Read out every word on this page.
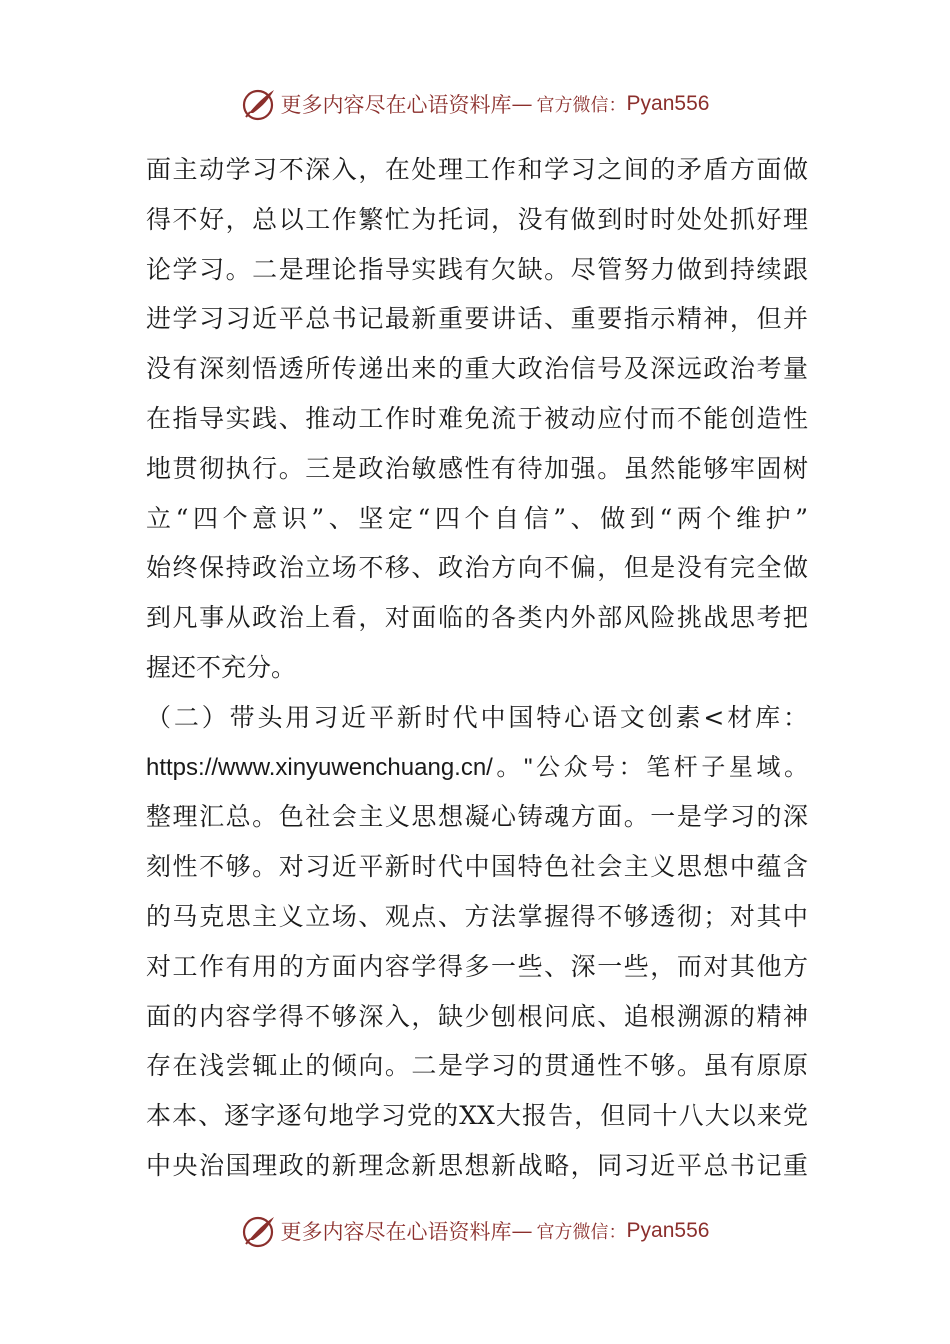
更多内容尽在心语资料库 — 官方微信： Pyan556
面主动学习不深入，在处理工作和学习之间的矛盾方面做
得不好，总以工作繁忙为托词，没有做到时时处处抓好理
论学习。二是理论指导实践有欠缺。尽管努力做到持续跟
进学习习近平总书记最新重要讲话、重要指示精神，但并
没有深刻悟透所传递出来的重大政治信号及深远政治考量
在指导实践、推动工作时难免流于被动应付而不能创造性
地贯彻执行。三是政治敏感性有待加强。虽然能够牢固树
立“四个意识”、坚定“四个自信”、做到“两个维护”
始终保持政治立场不移、政治方向不偏，但是没有完全做
到凡事从政治上看，对面临的各类内外部风险挑战思考把
握还不充分。
（二）带头用习近平新时代中国特心语文创素<材库：
https://www.xinyuwenchuang.cn/。"公众号：笔杆子星域。
整理汇总。色社会主义思想凝心铸魂方面。一是学习的深
刻性不够。对习近平新时代中国特色社会主义思想中蕴含
的马克思主义立场、观点、方法掌握得不够透彻；对其中
对工作有用的方面内容学得多一些、深一些，而对其他方
面的内容学得不够深入，缺少刨根问底、追根溯源的精神
存在浅尝辄止的倾向。二是学习的贯通性不够。虽有原原
本本、逐字逐句地学习党的XX大报告，但同十八大以来党
中央治国理政的新理念新思想新战略，同习近平总书记重
更多内容尽在心语资料库 — 官方微信： Pyan556
